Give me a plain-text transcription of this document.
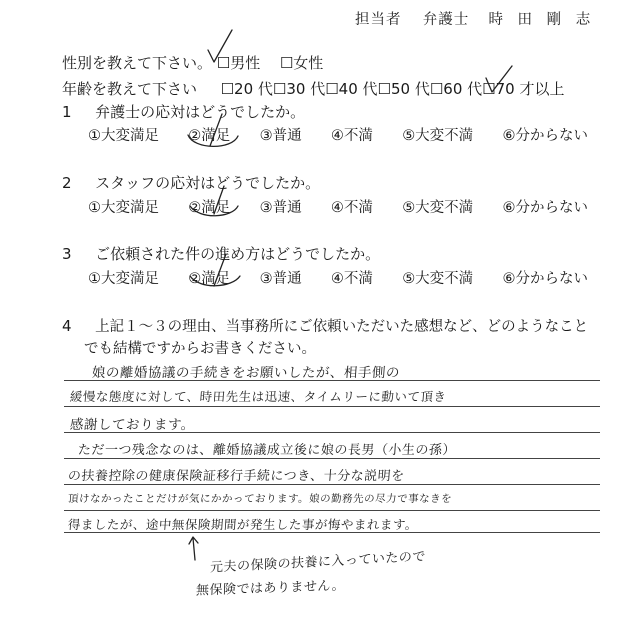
担当者 弁護士 時 田 剛 志
性別を教えて下さい。 ☐男性 ☐女性
年齢を教えて下さい ☐20 代☐30 代☐40 代☐50 代☐60 代☐70 才以上
1 弁護士の応対はどうでしたか。
①大変満足 ②満足 ③普通 ④不満 ⑤大変不満 ⑥分からない
2 スタッフの応対はどうでしたか。
①大変満足 ②満足 ③普通 ④不満 ⑤大変不満 ⑥分からない
3 ご依頼された件の進め方はどうでしたか。
①大変満足 ②満足 ③普通 ④不満 ⑤大変不満 ⑥分からない
4 上記１～３の理由、当事務所にご依頼いただいた感想など、どのようなこと
でも結構ですからお書きください。
娘の離婚協議の手続きをお願いしたが、相手側の
緩慢な態度に対して、時田先生は迅速、タイムリーに動いて頂き
感謝しております。
ただ一つ残念なのは、離婚協議成立後に娘の長男（小生の孫）
の扶養控除の健康保険証移行手続につき、十分な説明を
頂けなかったことだけが気にかかっております。娘の勤務先の尽力で事なきを
得ましたが、途中無保険期間が発生した事が悔やまれます。
元夫の保険の扶養に入っていたので
無保険ではありません。
